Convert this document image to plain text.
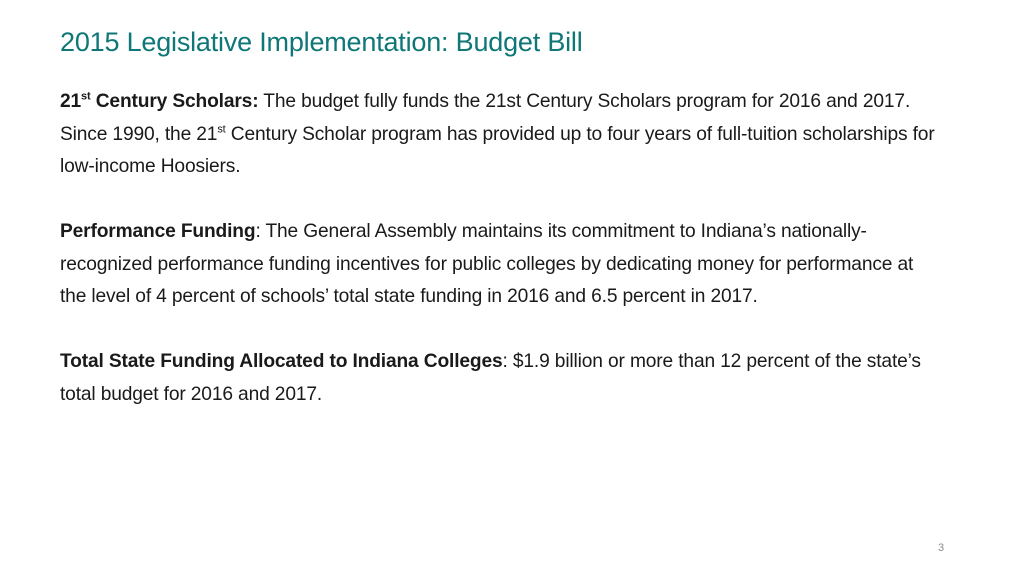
2015 Legislative Implementation: Budget Bill

21st Century Scholars: The budget fully funds the 21st Century Scholars program for 2016 and 2017. Since 1990, the 21st Century Scholar program has provided up to four years of full-tuition scholarships for low-income Hoosiers.

Performance Funding: The General Assembly maintains its commitment to Indiana’s nationally-recognized performance funding incentives for public colleges by dedicating money for performance at the level of 4 percent of schools’ total state funding in 2016 and 6.5 percent in 2017.

Total State Funding Allocated to Indiana Colleges: $1.9 billion or more than 12 percent of the state’s total budget for 2016 and 2017.

3
